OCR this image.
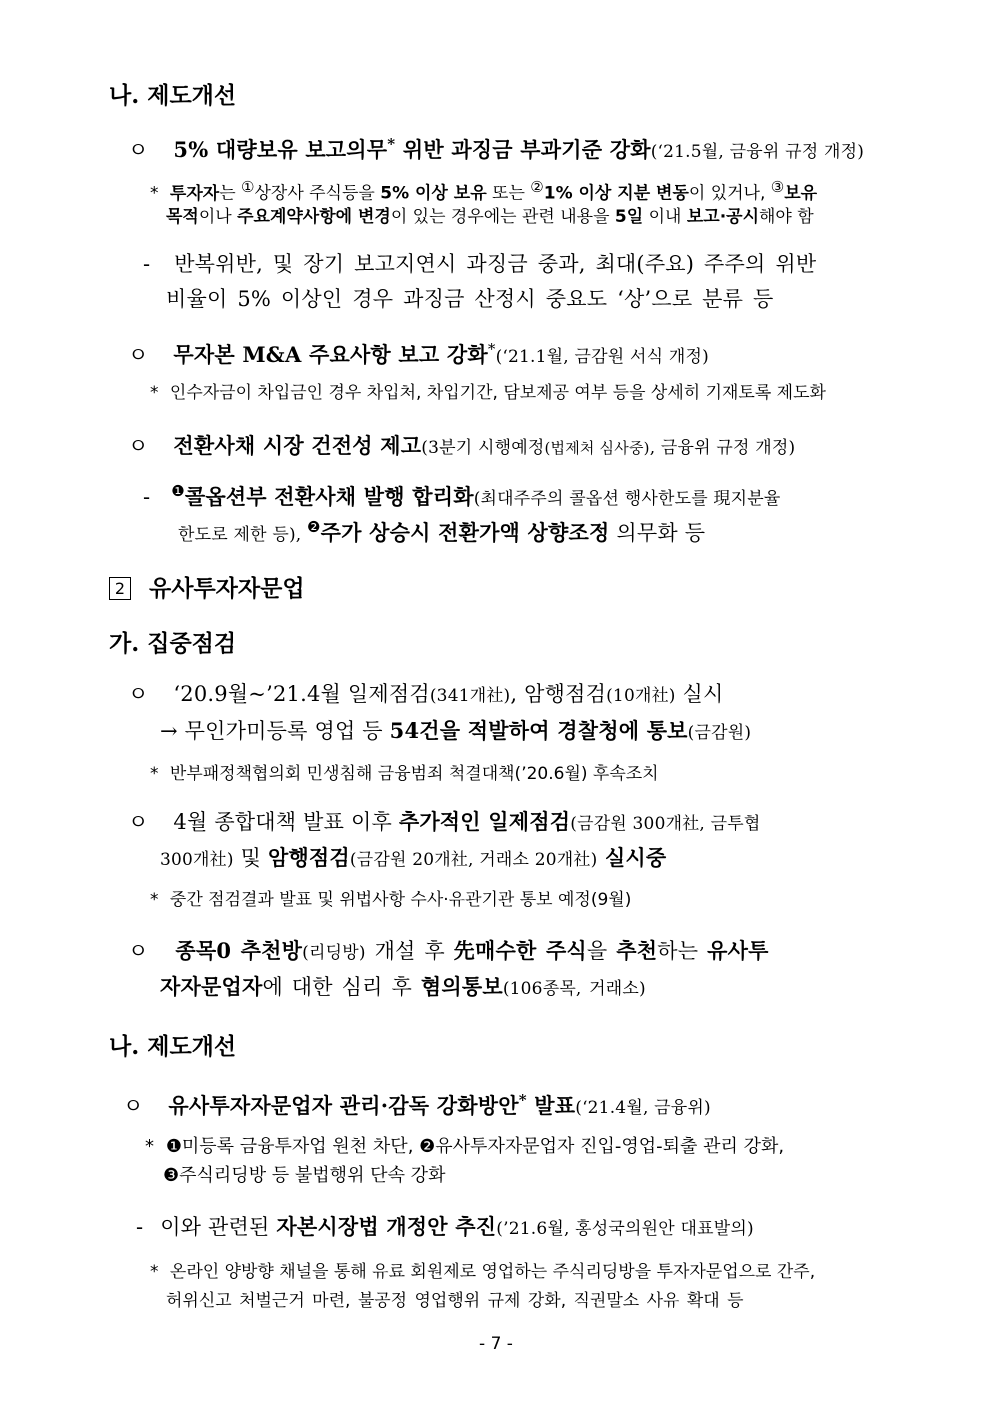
나. 제도개선
ㅇ 5% 대량보유 보고의무* 위반 과징금 부과기준 강화(‘21.5월, 금융위 규정 개정)
* 투자자는 ①상장사 주식등을 5% 이상 보유 또는 ②1% 이상 지분 변동이 있거나, ③보유
목적이나 주요계약사항에 변경이 있는 경우에는 관련 내용을 5일 이내 보고·공시해야 함
- 반복위반, 및 장기 보고지연시 과징금 중과, 최대(주요) 주주의 위반
비율이 5% 이상인 경우 과징금 산정시 중요도 ‘상’으로 분류 등
ㅇ 무자본 M&A 주요사항 보고 강화*(‘21.1월, 금감원 서식 개정)
* 인수자금이 차입금인 경우 차입처, 차입기간, 담보제공 여부 등을 상세히 기재토록 제도화
ㅇ 전환사채 시장 건전성 제고(3분기 시행예정(법제처 심사중), 금융위 규정 개정)
- $^❶$콜옵션부 전환사채 발행 합리화(최대주주의 콜옵션 행사한도를 現지분율
한도로 제한 등), $^❷$주가 상승시 전환가액 상향조정 의무화 등
2 유사투자자문업
가. 집중점검
ㅇ ‘20.9월~’21.4월 일제점검(341개社), 암행점검(10개社) 실시
→ 무인가미등록 영업 등 54건을 적발하여 경찰청에 통보(금감원)
* 반부패정책협의회 민생침해 금융범죄 척결대책(’20.6월) 후속조치
ㅇ 4월 종합대책 발표 이후 추가적인 일제점검(금감원 300개社, 금투협
300개社) 및 암행점검(금감원 20개社, 거래소 20개社) 실시중
* 중간 점검결과 발표 및 위법사항 수사·유관기관 통보 예정(9월)
ㅇ 종목0 추천방(리딩방) 개설 후 先매수한 주식을 추천하는 유사투
자자문업자에 대한 심리 후 혐의통보(106종목, 거래소)
나. 제도개선
ㅇ 유사투자자문업자 관리·감독 강화방안* 발표(‘21.4월, 금융위)
* ❶미등록 금융투자업 원천 차단, ❷유사투자자문업자 진입-영업-퇴출 관리 강화,
❸주식리딩방 등 불법행위 단속 강화
- 이와 관련된 자본시장법 개정안 추진(’21.6월, 홍성국의원안 대표발의)
* 온라인 양방향 채널을 통해 유료 회원제로 영업하는 주식리딩방을 투자자문업으로 간주,
허위신고 처벌근거 마련, 불공정 영업행위 규제 강화, 직권말소 사유 확대 등
- 7 -
